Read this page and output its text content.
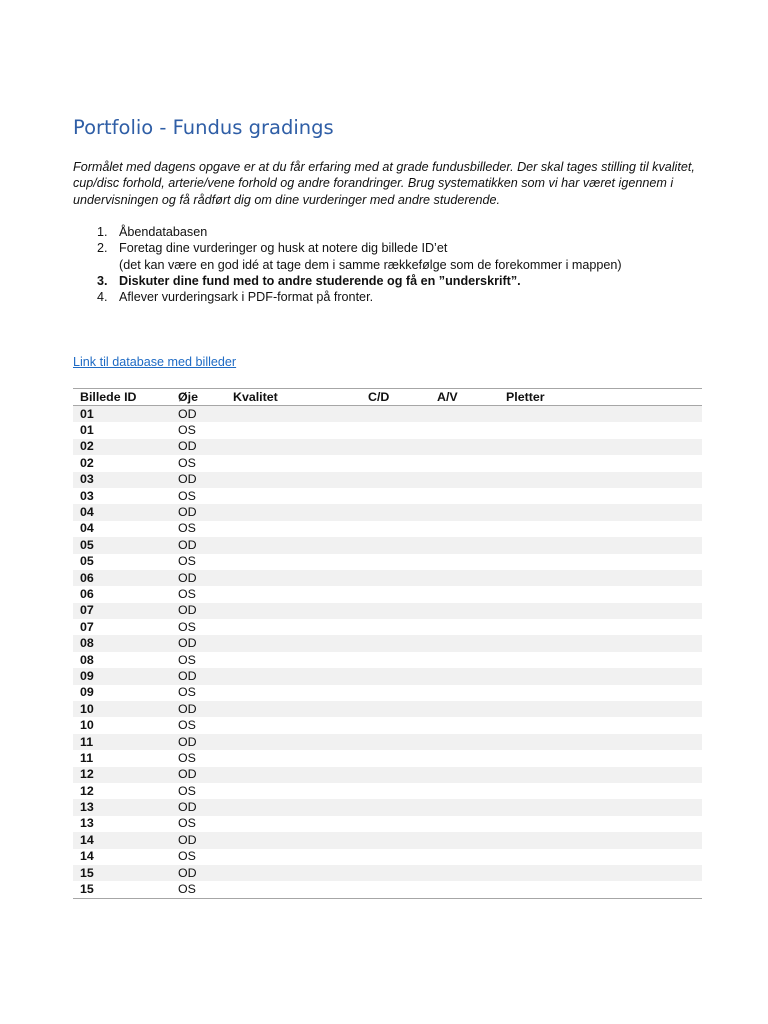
Portfolio - Fundus gradings

Formålet med dagens opgave er at du får erfaring med at grade fundusbilleder. Der skal tages stilling til kvalitet, cup/disc forhold, arterie/vene forhold og andre forandringer. Brug systematikken som vi har været igennem i undervisningen og få rådført dig om dine vurderinger med andre studerende.

1. Åbendatabasen
2. Foretag dine vurderinger og husk at notere dig billede ID’et
(det kan være en god idé at tage dem i samme rækkefølge som de forekommer i mappen)
3. Diskuter dine fund med to andre studerende og få en ”underskrift”.
4. Aflever vurderingsark i PDF-format på fronter.
Link til database med billeder
Billede ID	Øje	Kvalitet	C/D	A/V	Pletter
01	OD				
01	OS				
02	OD				
02	OS				
03	OD				
03	OS				
04	OD				
04	OS				
05	OD				
05	OS				
06	OD				
06	OS				
07	OD				
07	OS				
08	OD				
08	OS				
09	OD				
09	OS				
10	OD				
10	OS				
11	OD				
11	OS				
12	OD				
12	OS				
13	OD				
13	OS				
14	OD				
14	OS				
15	OD				
15	OS				
